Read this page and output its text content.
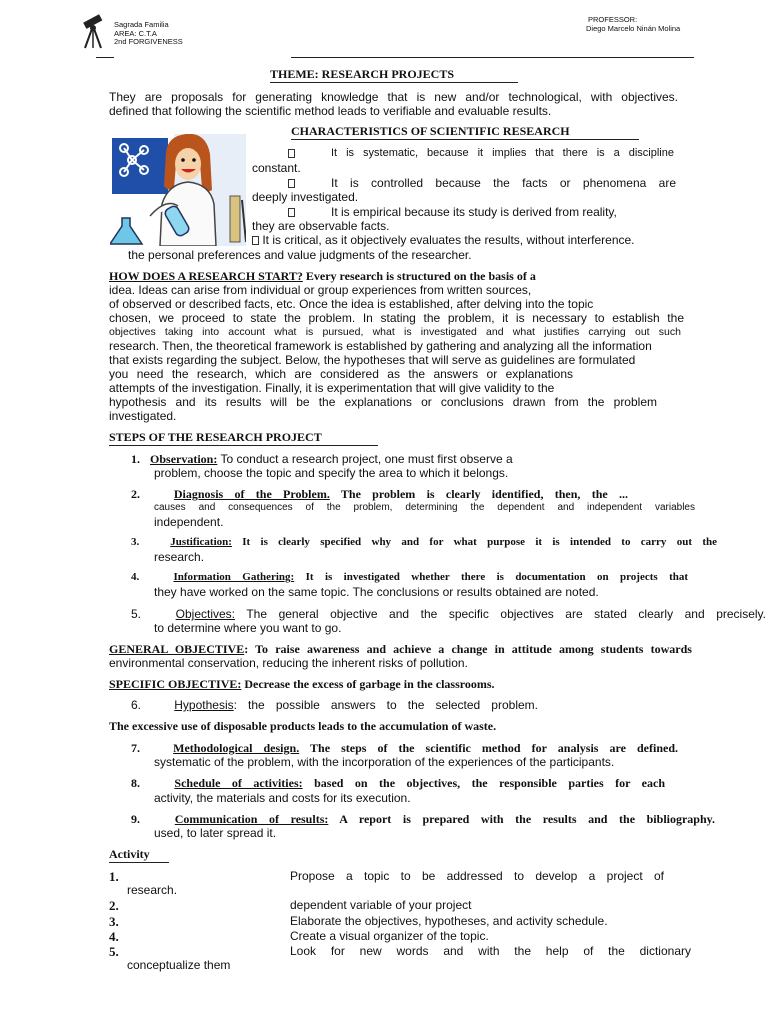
Sagrada Familia
AREA: C.T.A
2nd FORGIVENESS
PROFESSOR:
Diego Marcelo Ninán Molina
THEME: RESEARCH PROJECTS
They are proposals for generating knowledge that is new and/or technological, with objectives.
defined that following the scientific method leads to verifiable and evaluable results.
CHARACTERISTICS OF SCIENTIFIC RESEARCH
It is systematic, because it implies that there is a discipline
constant.
It is controlled because the facts or phenomena are
deeply investigated.
It is empirical because its study is derived from reality,
they are observable facts.
It is critical, as it objectively evaluates the results, without interference.
the personal preferences and value judgments of the researcher.
HOW DOES A RESEARCH START? Every research is structured on the basis of a
idea. Ideas can arise from individual or group experiences from written sources,
of observed or described facts, etc. Once the idea is established, after delving into the topic
chosen, we proceed to state the problem. In stating the problem, it is necessary to establish the
objectives taking into account what is pursued, what is investigated and what justifies carrying out such
research. Then, the theoretical framework is established by gathering and analyzing all the information
that exists regarding the subject. Below, the hypotheses that will serve as guidelines are formulated
you need the research, which are considered as the answers or explanations
attempts of the investigation. Finally, it is experimentation that will give validity to the
hypothesis and its results will be the explanations or conclusions drawn from the problem
investigated.
STEPS OF THE RESEARCH PROJECT
1. Observation: To conduct a research project, one must first observe a
problem, choose the topic and specify the area to which it belongs.
2.	Diagnosis of the Problem. The problem is clearly identified, then, the ...
causes and consequences of the problem, determining the dependent and independent variables
independent.
3.	Justification: It is clearly specified why and for what purpose it is intended to carry out the
research.
4.	Information Gathering: It is investigated whether there is documentation on projects that
they have worked on the same topic. The conclusions or results obtained are noted.
5.	Objectives: The general objective and the specific objectives are stated clearly and precisely.
to determine where you want to go.
GENERAL OBJECTIVE: To raise awareness and achieve a change in attitude among students towards
environmental conservation, reducing the inherent risks of pollution.
SPECIFIC OBJECTIVE: Decrease the excess of garbage in the classrooms.
6.	Hypothesis: the possible answers to the selected problem.
The excessive use of disposable products leads to the accumulation of waste.
7.	Methodological design. The steps of the scientific method for analysis are defined.
systematic of the problem, with the incorporation of the experiences of the participants.
8.	Schedule of activities: based on the objectives, the responsible parties for each
activity, the materials and costs for its execution.
9.	Communication of results: A report is prepared with the results and the bibliography.
used, to later spread it.
Activity
1.	Propose a topic to be addressed to develop a project of
research.
2.	dependent variable of your project
3.	Elaborate the objectives, hypotheses, and activity schedule.
4.	Create a visual organizer of the topic.
5.	Look for new words and with the help of the dictionary
conceptualize them
